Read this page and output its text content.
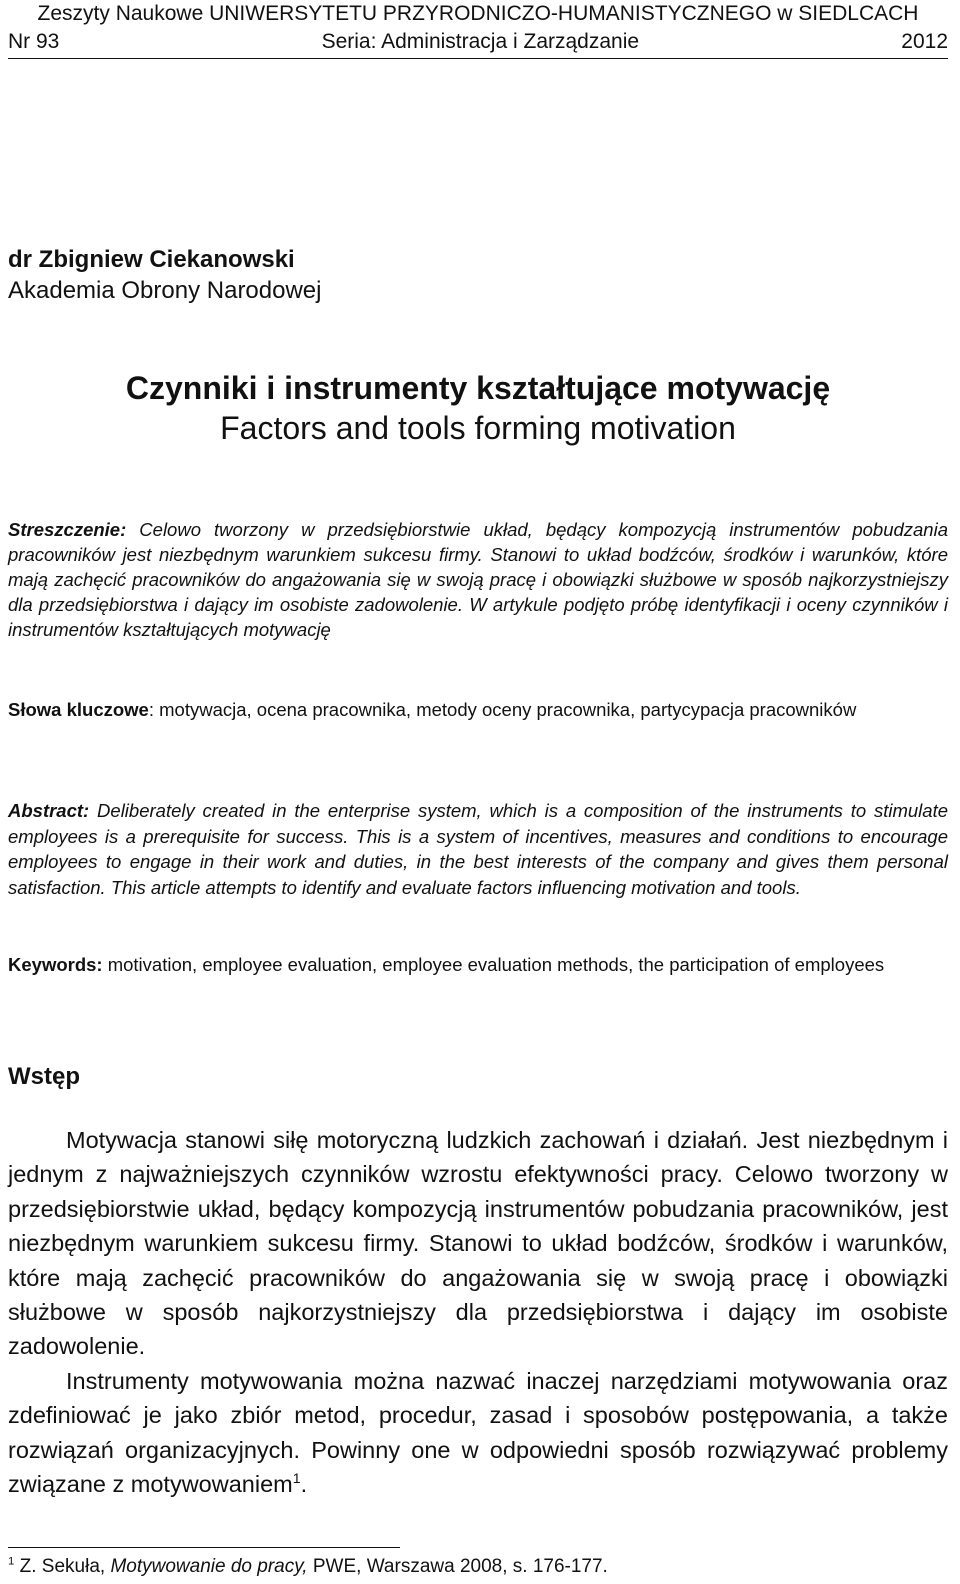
Zeszyty Naukowe UNIWERSYTETU PRZYRODNICZO-HUMANISTYCZNEGO w SIEDLCACH
Nr 93	Seria: Administracja i Zarządzanie	2012
dr Zbigniew Ciekanowski
Akademia Obrony Narodowej
Czynniki i instrumenty kształtujące motywację
Factors and tools forming motivation
Streszczenie: Celowo tworzony w przedsiębiorstwie układ, będący kompozycją instrumentów pobudzania pracowników jest niezbędnym warunkiem sukcesu firmy. Stanowi to układ bodźców, środków i warunków, które mają zachęcić pracowników do angażowania się w swoją pracę i obowiązki służbowe w sposób najkorzystniejszy dla przedsiębiorstwa i dający im osobiste zadowolenie. W artykule podjęto próbę identyfikacji i oceny czynników i instrumentów kształtujących motywację
Słowa kluczowe: motywacja, ocena pracownika, metody oceny pracownika, partycypacja pracowników
Abstract: Deliberately created in the enterprise system, which is a composition of the instruments to stimulate employees is a prerequisite for success. This is a system of incentives, measures and conditions to encourage employees to engage in their work and duties, in the best interests of the company and gives them personal satisfaction. This article attempts to identify and evaluate factors influencing motivation and tools.
Keywords: motivation, employee evaluation, employee evaluation methods, the participation of employees
Wstęp

Motywacja stanowi siłę motoryczną ludzkich zachowań i działań. Jest niezbędnym i jednym z najważniejszych czynników wzrostu efektywności pracy. Celowo tworzony w przedsiębiorstwie układ, będący kompozycją instrumentów pobudzania pracowników, jest niezbędnym warunkiem sukcesu firmy. Stanowi to układ bodźców, środków i warunków, które mają zachęcić pracowników do angażowania się w swoją pracę i obowiązki służbowe w sposób najkorzystniejszy dla przedsiębiorstwa i dający im osobiste zadowolenie.

Instrumenty motywowania można nazwać inaczej narzędziami motywowania oraz zdefiniować je jako zbiór metod, procedur, zasad i sposobów postępowania, a także rozwiązań organizacyjnych. Powinny one w odpowiedni sposób rozwiązywać problemy związane z motywowaniem$^1$.

$^1$ Z. Sekuła, Motywowanie do pracy, PWE, Warszawa 2008, s. 176-177.
